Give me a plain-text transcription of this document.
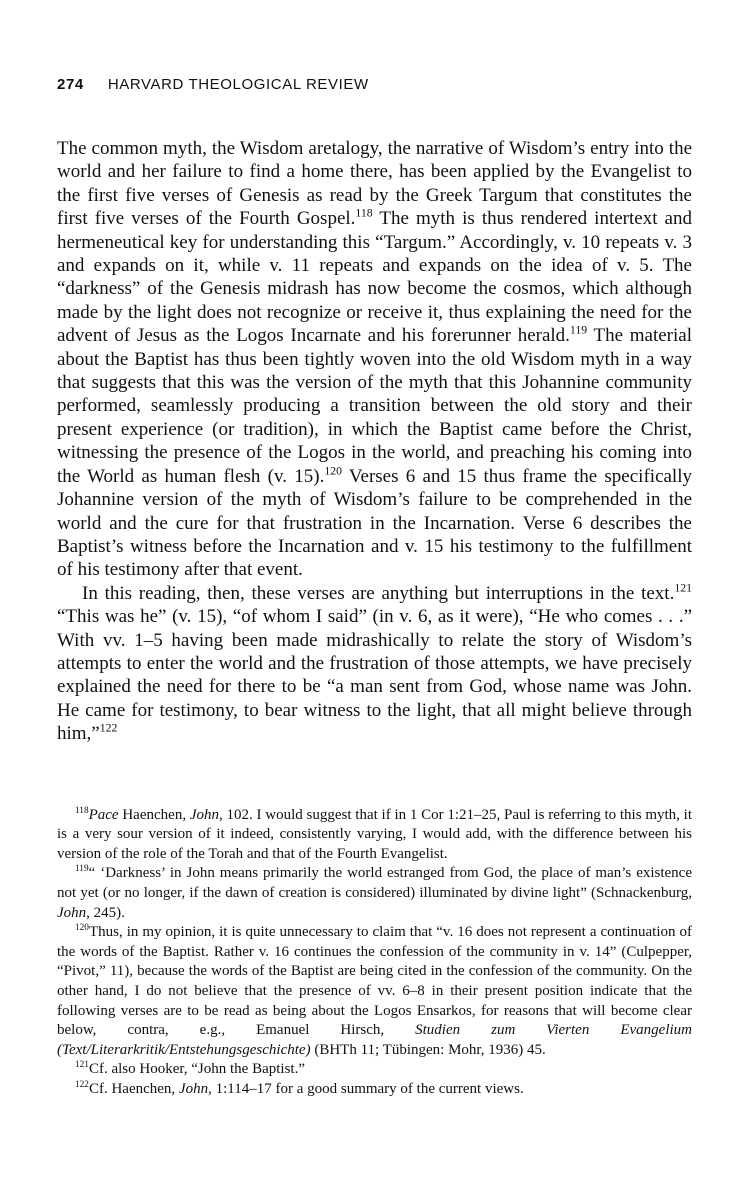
274 HARVARD THEOLOGICAL REVIEW

The common myth, the Wisdom aretalogy, the narrative of Wisdom’s entry into the world and her failure to find a home there, has been applied by the Evangelist to the first five verses of Genesis as read by the Greek Targum that constitutes the first five verses of the Fourth Gospel.$^{118}$ The myth is thus rendered intertext and hermeneutical key for understanding this “Targum.” Accordingly, v. 10 repeats v. 3 and expands on it, while v. 11 repeats and expands on the idea of v. 5. The “darkness” of the Genesis midrash has now become the cosmos, which although made by the light does not recognize or receive it, thus explaining the need for the advent of Jesus as the Logos Incarnate and his forerunner herald.$^{119}$ The material about the Baptist has thus been tightly woven into the old Wisdom myth in a way that suggests that this was the version of the myth that this Johannine community performed, seamlessly producing a transition between the old story and their present experience (or tradition), in which the Baptist came before the Christ, witnessing the presence of the Logos in the world, and preaching his coming into the World as human flesh (v. 15).$^{120}$ Verses 6 and 15 thus frame the specifically Johannine version of the myth of Wisdom’s failure to be comprehended in the world and the cure for that frustration in the Incarnation. Verse 6 describes the Baptist’s witness before the Incarnation and v. 15 his testimony to the fulfillment of his testimony after that event.

In this reading, then, these verses are anything but interruptions in the text.$^{121}$ “This was he” (v. 15), “of whom I said” (in v. 6, as it were), “He who comes . . .” With vv. 1–5 having been made midrashically to relate the story of Wisdom’s attempts to enter the world and the frustration of those attempts, we have precisely explained the need for there to be “a man sent from God, whose name was John. He came for testimony, to bear witness to the light, that all might believe through him,”$^{122}$

$^{118}$Pace Haenchen, John, 102. I would suggest that if in 1 Cor 1:21–25, Paul is referring to this myth, it is a very sour version of it indeed, consistently varying, I would add, with the difference between his version of the role of the Torah and that of the Fourth Evangelist.

$^{119}$“ ‘Darkness’ in John means primarily the world estranged from God, the place of man’s existence not yet (or no longer, if the dawn of creation is considered) illuminated by divine light” (Schnackenburg, John, 245).

$^{120}$Thus, in my opinion, it is quite unnecessary to claim that “v. 16 does not represent a continuation of the words of the Baptist. Rather v. 16 continues the confession of the community in v. 14” (Culpepper, “Pivot,” 11), because the words of the Baptist are being cited in the confession of the community. On the other hand, I do not believe that the presence of vv. 6–8 in their present position indicate that the following verses are to be read as being about the Logos Ensarkos, for reasons that will become clear below, contra, e.g., Emanuel Hirsch, Studien zum Vierten Evangelium (Text/Literarkritik/Entstehungsgeschichte) (BHTh 11; Tübingen: Mohr, 1936) 45.

$^{121}$Cf. also Hooker, “John the Baptist.”

$^{122}$Cf. Haenchen, John, 1:114–17 for a good summary of the current views.
